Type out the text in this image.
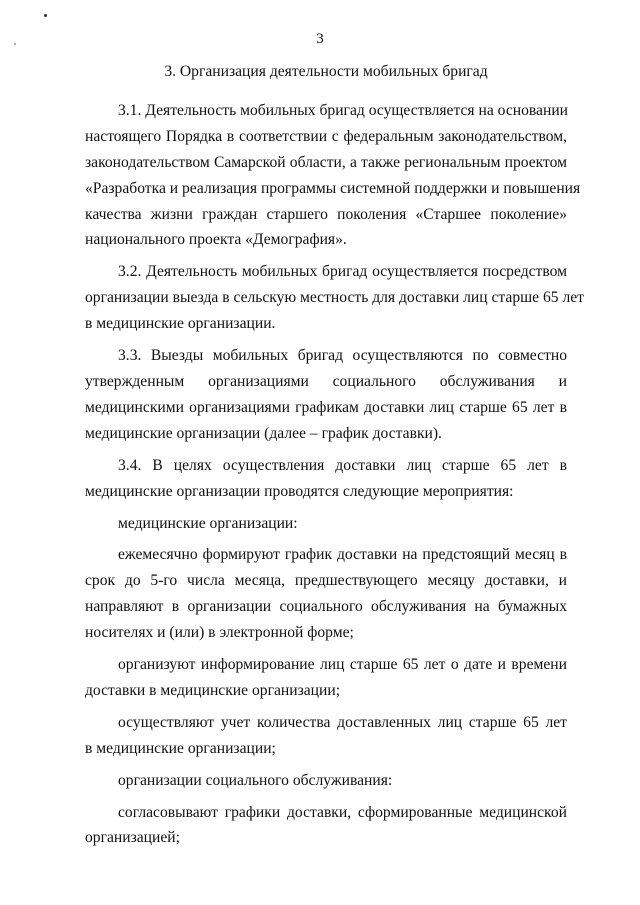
3
3. Организация деятельности мобильных бригад
3.1. Деятельность мобильных бригад осуществляется на основании
настоящего Порядка в соответствии с федеральным законодательством,
законодательством Самарской области, а также региональным проектом
«Разработка и реализация программы системной поддержки и повышения
качества жизни граждан старшего поколения «Старшее поколение»
национального проекта «Демография».
3.2. Деятельность мобильных бригад осуществляется посредством
организации выезда в сельскую местность для доставки лиц старше 65 лет
в медицинские организации.
3.3. Выезды мобильных бригад осуществляются по совместно
утвержденным организациями социального обслуживания и
медицинскими организациями графикам доставки лиц старше 65 лет в
медицинские организации (далее – график доставки).
3.4. В целях осуществления доставки лиц старше 65 лет в
медицинские организации проводятся следующие мероприятия:
медицинские организации:
ежемесячно формируют график доставки на предстоящий месяц в
срок до 5-го числа месяца, предшествующего месяцу доставки, и
направляют в организации социального обслуживания на бумажных
носителях и (или) в электронной форме;
организуют информирование лиц старше 65 лет о дате и времени
доставки в медицинские организации;
осуществляют учет количества доставленных лиц старше 65 лет
в медицинские организации;
организации социального обслуживания:
согласовывают графики доставки, сформированные медицинской
организацией;
